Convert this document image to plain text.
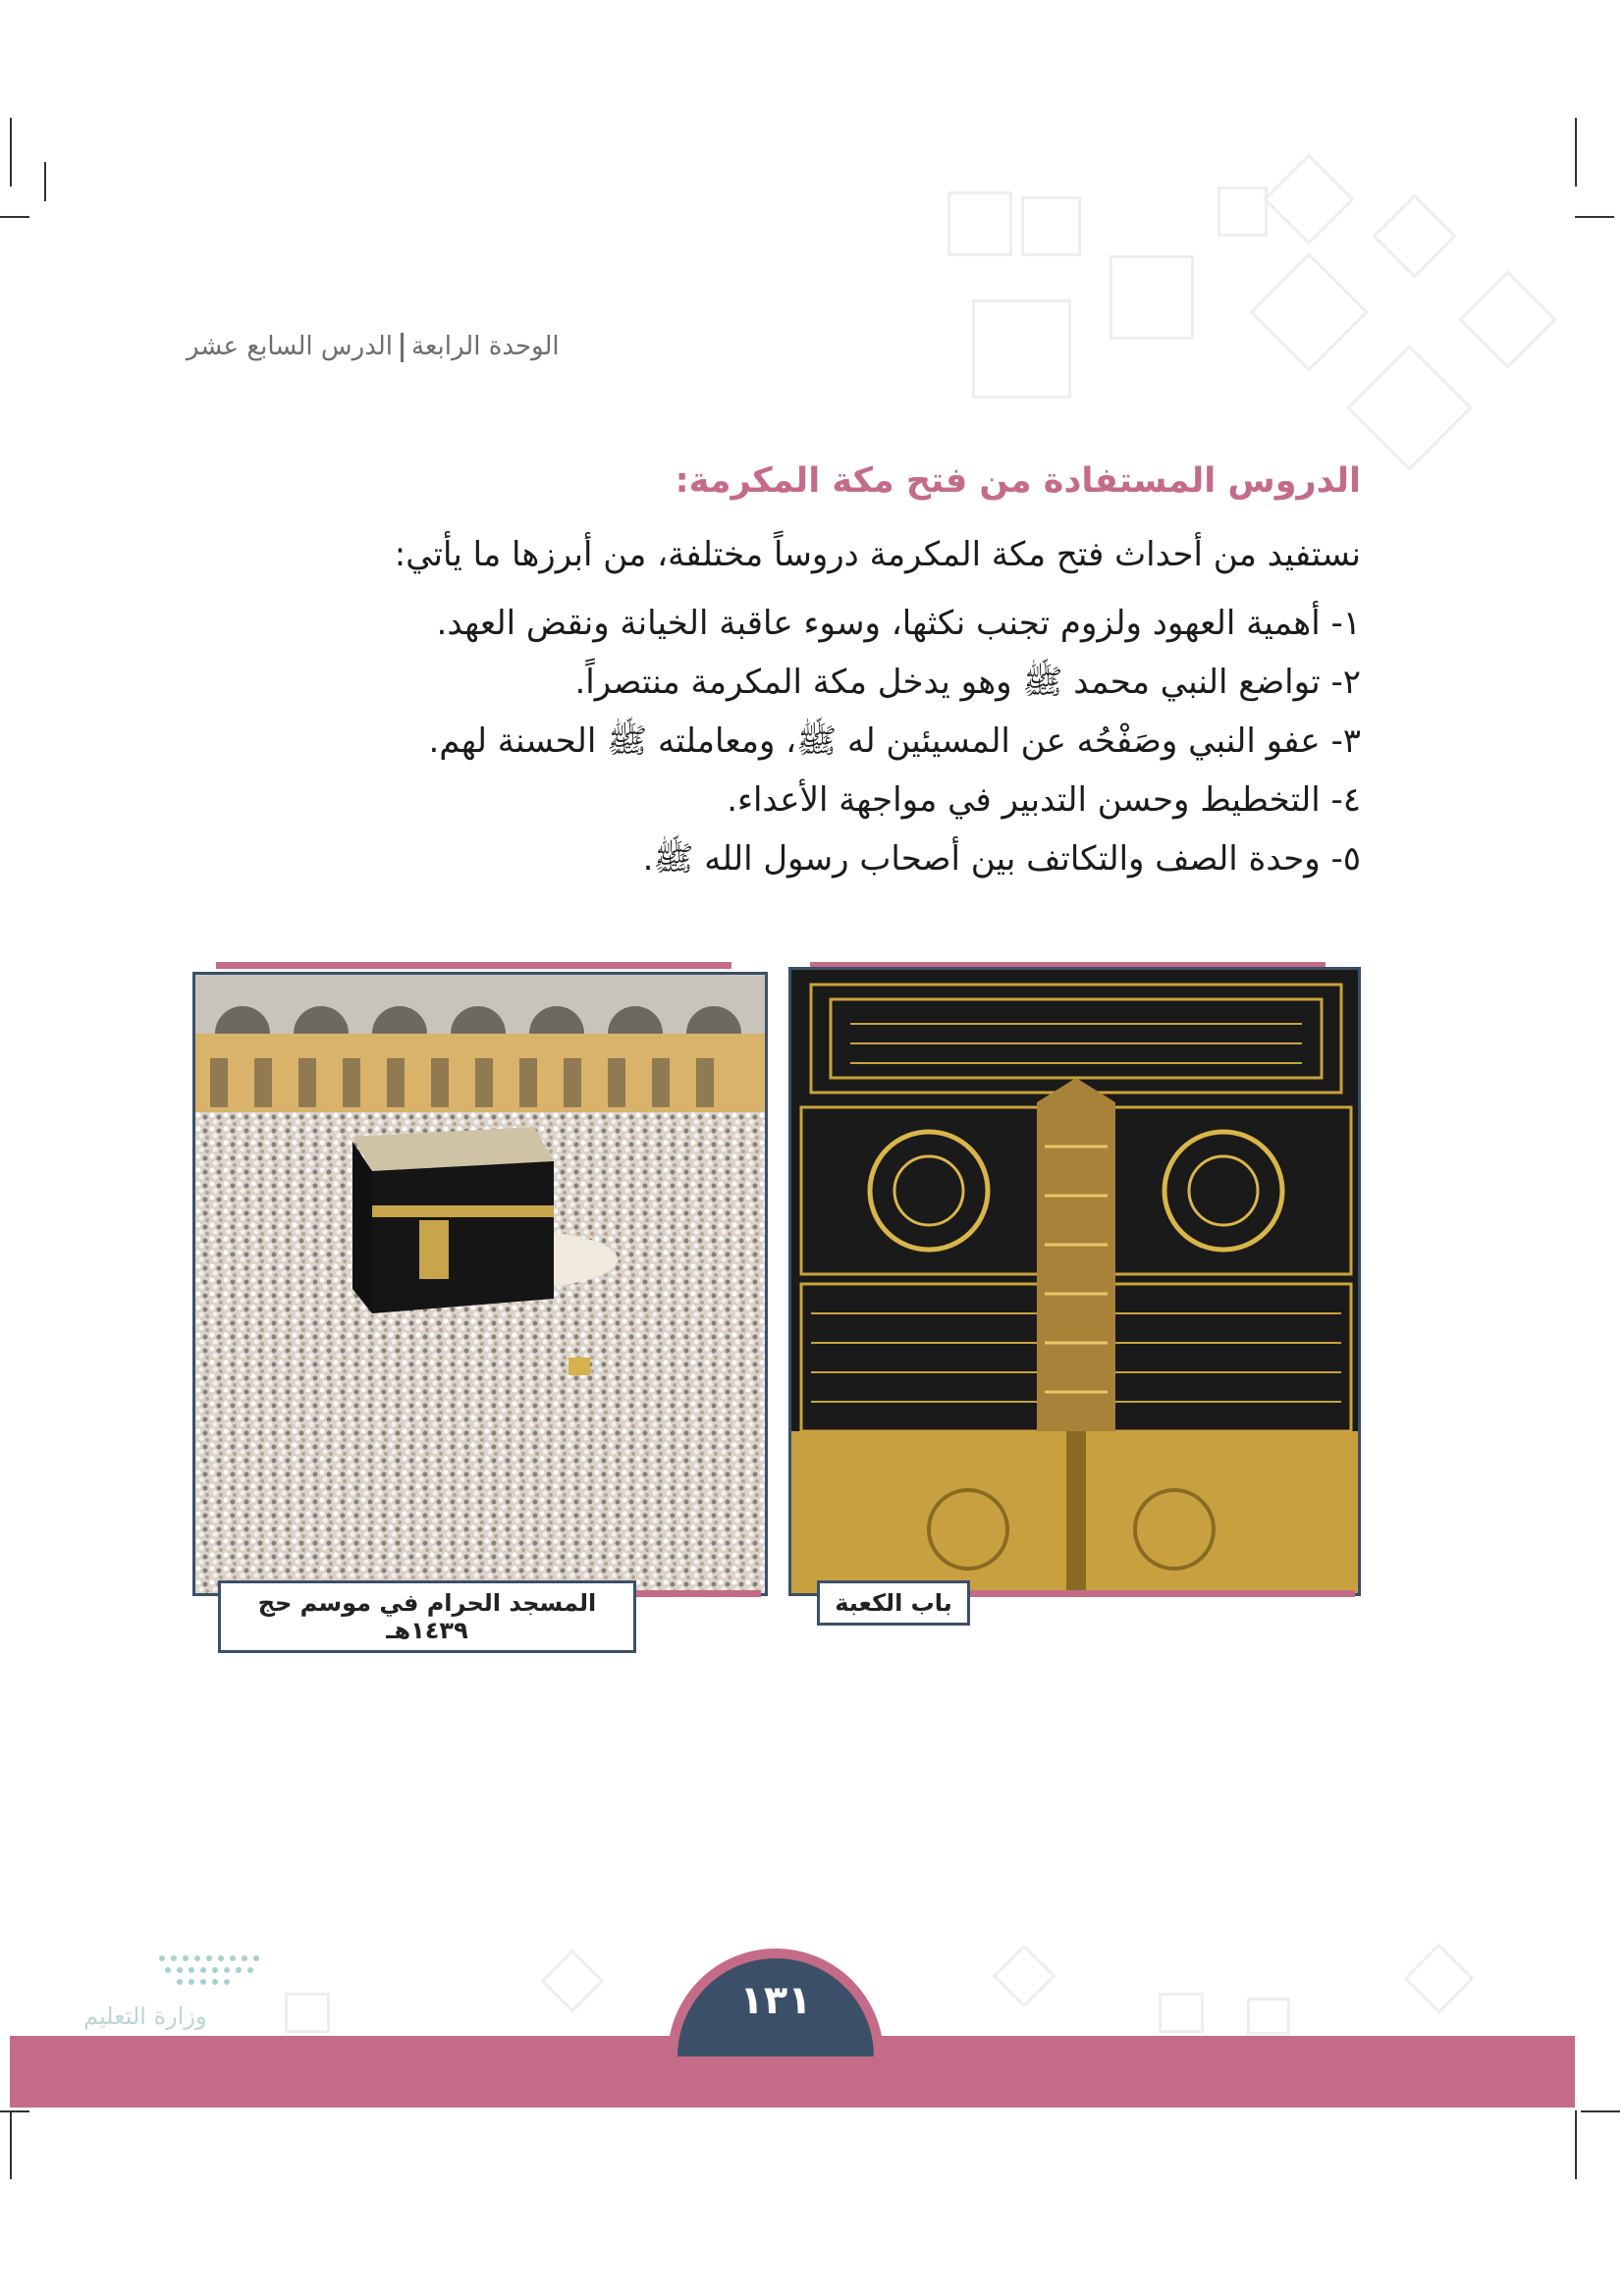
الوحدة الرابعةالدرس السابع عشر
الدروس المستفادة من فتح مكة المكرمة:
نستفيد من أحداث فتح مكة المكرمة دروساً مختلفة، من أبرزها ما يأتي:
١- أهمية العهود ولزوم تجنب نكثها، وسوء عاقبة الخيانة ونقض العهد.
٢- تواضع النبي محمد ﷺ وهو يدخل مكة المكرمة منتصراً.
٣- عفو النبي وصَفْحُه عن المسيئين له ﷺ، ومعاملته ﷺ الحسنة لهم.
٤- التخطيط وحسن التدبير في مواجهة الأعداء.
٥- وحدة الصف والتكاتف بين أصحاب رسول الله ﷺ.
المسجد الحرام في موسم حج ١٤٣٩هـ
باب الكعبة
١٣١
وزارة التعليم
